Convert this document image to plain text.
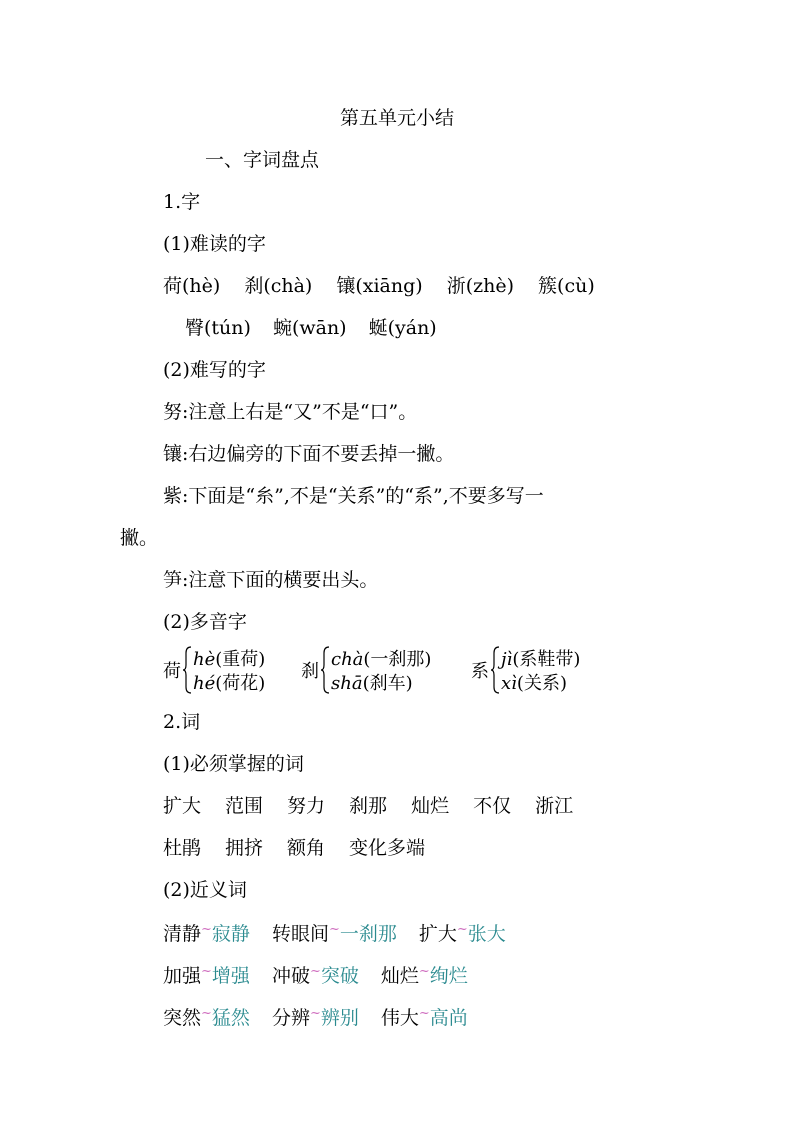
第五单元小结
一、字词盘点
1.字
(1)难读的字
荷(hè) 刹(chà) 镶(xiāng) 浙(zhè) 簇(cù)
臀(tún) 蜿(wān) 蜒(yán)
(2)难写的字
努:注意上右是“又”不是“口”。
镶:右边偏旁的下面不要丢掉一撇。
紫:下面是“糸”,不是“关系”的“系”,不要多写一
撇。
笋:注意下面的横要出头。
(2)多音字
荷
hè(重荷)
hé(荷花)
刹
chà(一刹那)
shā(刹车)
系
jì(系鞋带)
xì(关系)
2.词
(1)必须掌握的词
扩大 范围 努力 刹那 灿烂 不仅 浙江
杜鹃 拥挤 额角 变化多端
(2)近义词
清静~寂静 转眼间~一刹那 扩大~张大
加强~增强 冲破~突破 灿烂~绚烂
突然~猛然 分辨~辨别 伟大~高尚
